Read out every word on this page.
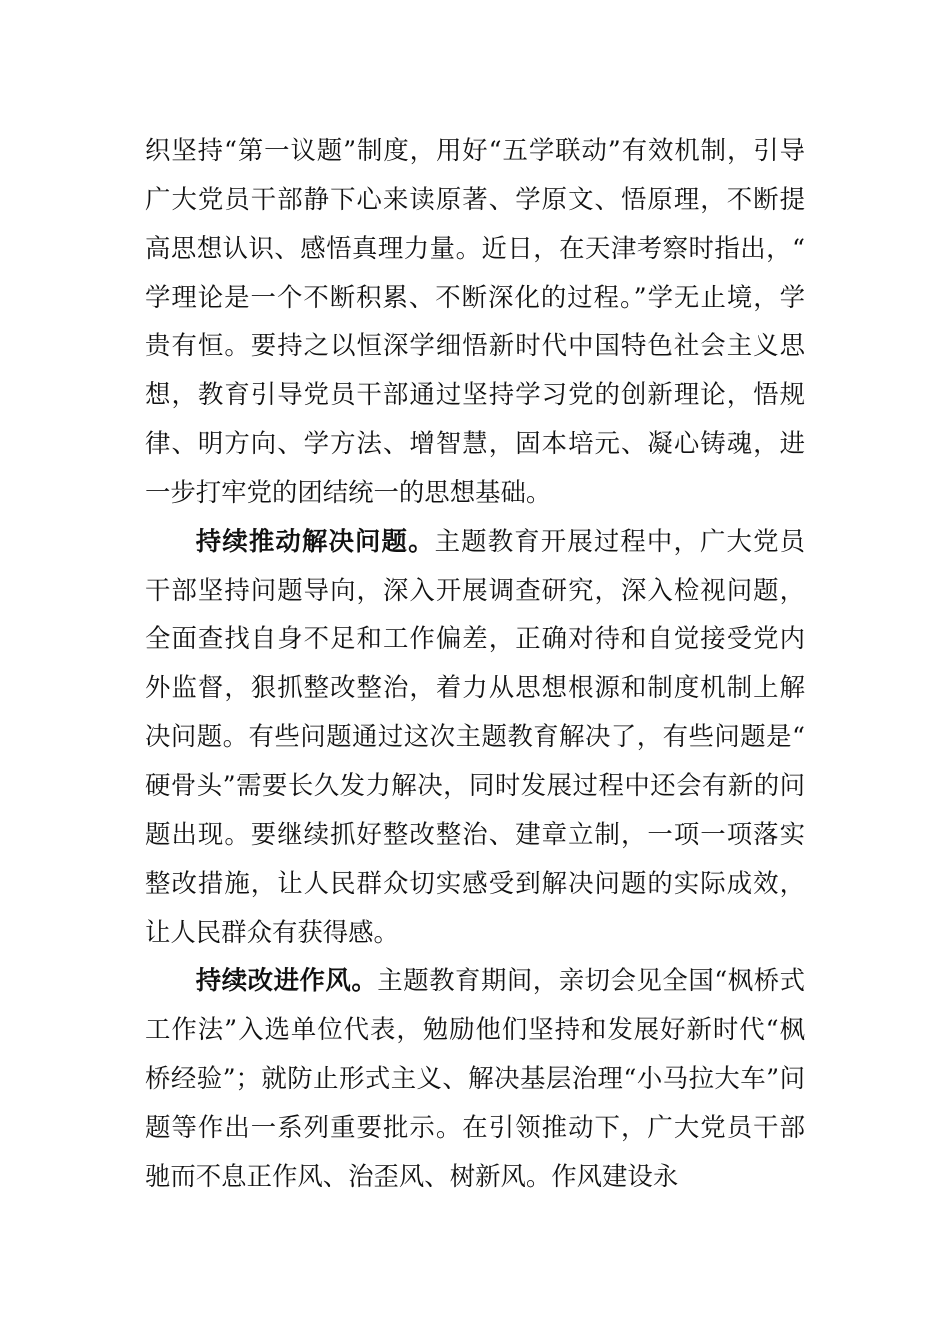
织坚持“第一议题”制度，用好“五学联动”有效机制，引导广大党员干部静下心来读原著、学原文、悟原理，不断提高思想认识、感悟真理力量。近日，在天津考察时指出，“学理论是一个不断积累、不断深化的过程。”学无止境，学贵有恒。要持之以恒深学细悟新时代中国特色社会主义思想，教育引导党员干部通过坚持学习党的创新理论，悟规律、明方向、学方法、增智慧，固本培元、凝心铸魂，进一步打牢党的团结统一的思想基础。

持续推动解决问题。主题教育开展过程中，广大党员干部坚持问题导向，深入开展调查研究，深入检视问题，全面查找自身不足和工作偏差，正确对待和自觉接受党内外监督，狠抓整改整治，着力从思想根源和制度机制上解决问题。有些问题通过这次主题教育解决了，有些问题是“硬骨头”需要长久发力解决，同时发展过程中还会有新的问题出现。要继续抓好整改整治、建章立制，一项一项落实整改措施，让人民群众切实感受到解决问题的实际成效，让人民群众有获得感。

持续改进作风。主题教育期间，亲切会见全国“枫桥式工作法”入选单位代表，勉励他们坚持和发展好新时代“枫桥经验”；就防止形式主义、解决基层治理“小马拉大车”问题等作出一系列重要批示。在引领推动下，广大党员干部驰而不息正作风、治歪风、树新风。作风建设永
